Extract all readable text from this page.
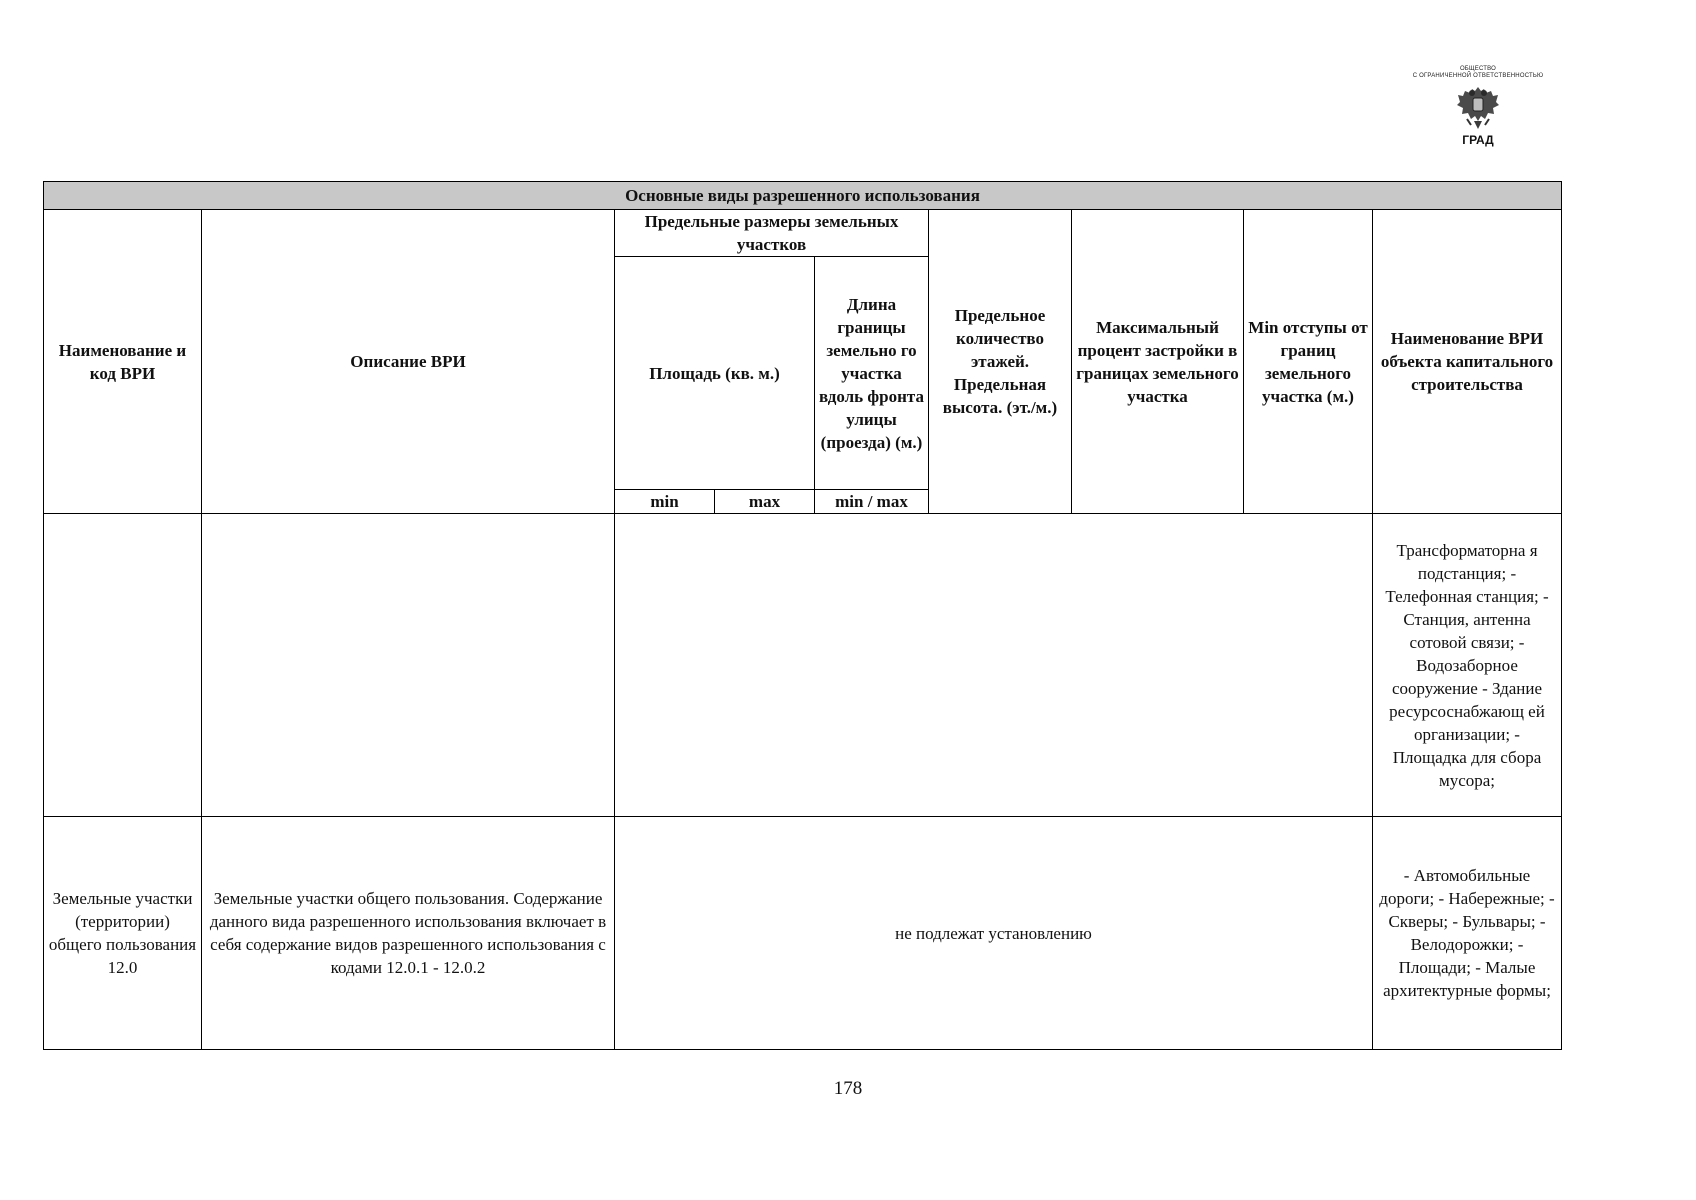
ОБЩЕСТВО
С ОГРАНИЧЕННОЙ ОТВЕТСТВЕННОСТЬЮ
ГРАД
Основные виды разрешенного использования								
Наименование и код ВРИ	Описание ВРИ	Предельные размеры земельных участков			Предельное количество этажей. Предельная высота. (эт./м.)	Максимальный процент застройки в границах земельного участка	Min отступы от границ земельного участка (м.)	Наименование ВРИ объекта капитального строительства
		Площадь (кв. м.)		Длина границы земельно го участка вдоль фронта улицы (проезда) (м.)				
		min	max	min / max				
								Трансформаторна я подстанция; - Телефонная станция; - Станция, антенна сотовой связи; - Водозаборное сооружение - Здание ресурсоснабжающ ей организации; - Площадка для сбора мусора;
Земельные участки (территории) общего пользования 12.0	Земельные участки общего пользования. Содержание данного вида разрешенного использования включает в себя содержание видов разрешенного использования с кодами 12.0.1 - 12.0.2	не подлежат установлению						- Автомобильные дороги; - Набережные; - Скверы; - Бульвары; - Велодорожки; - Площади; - Малые архитектурные формы;
178
